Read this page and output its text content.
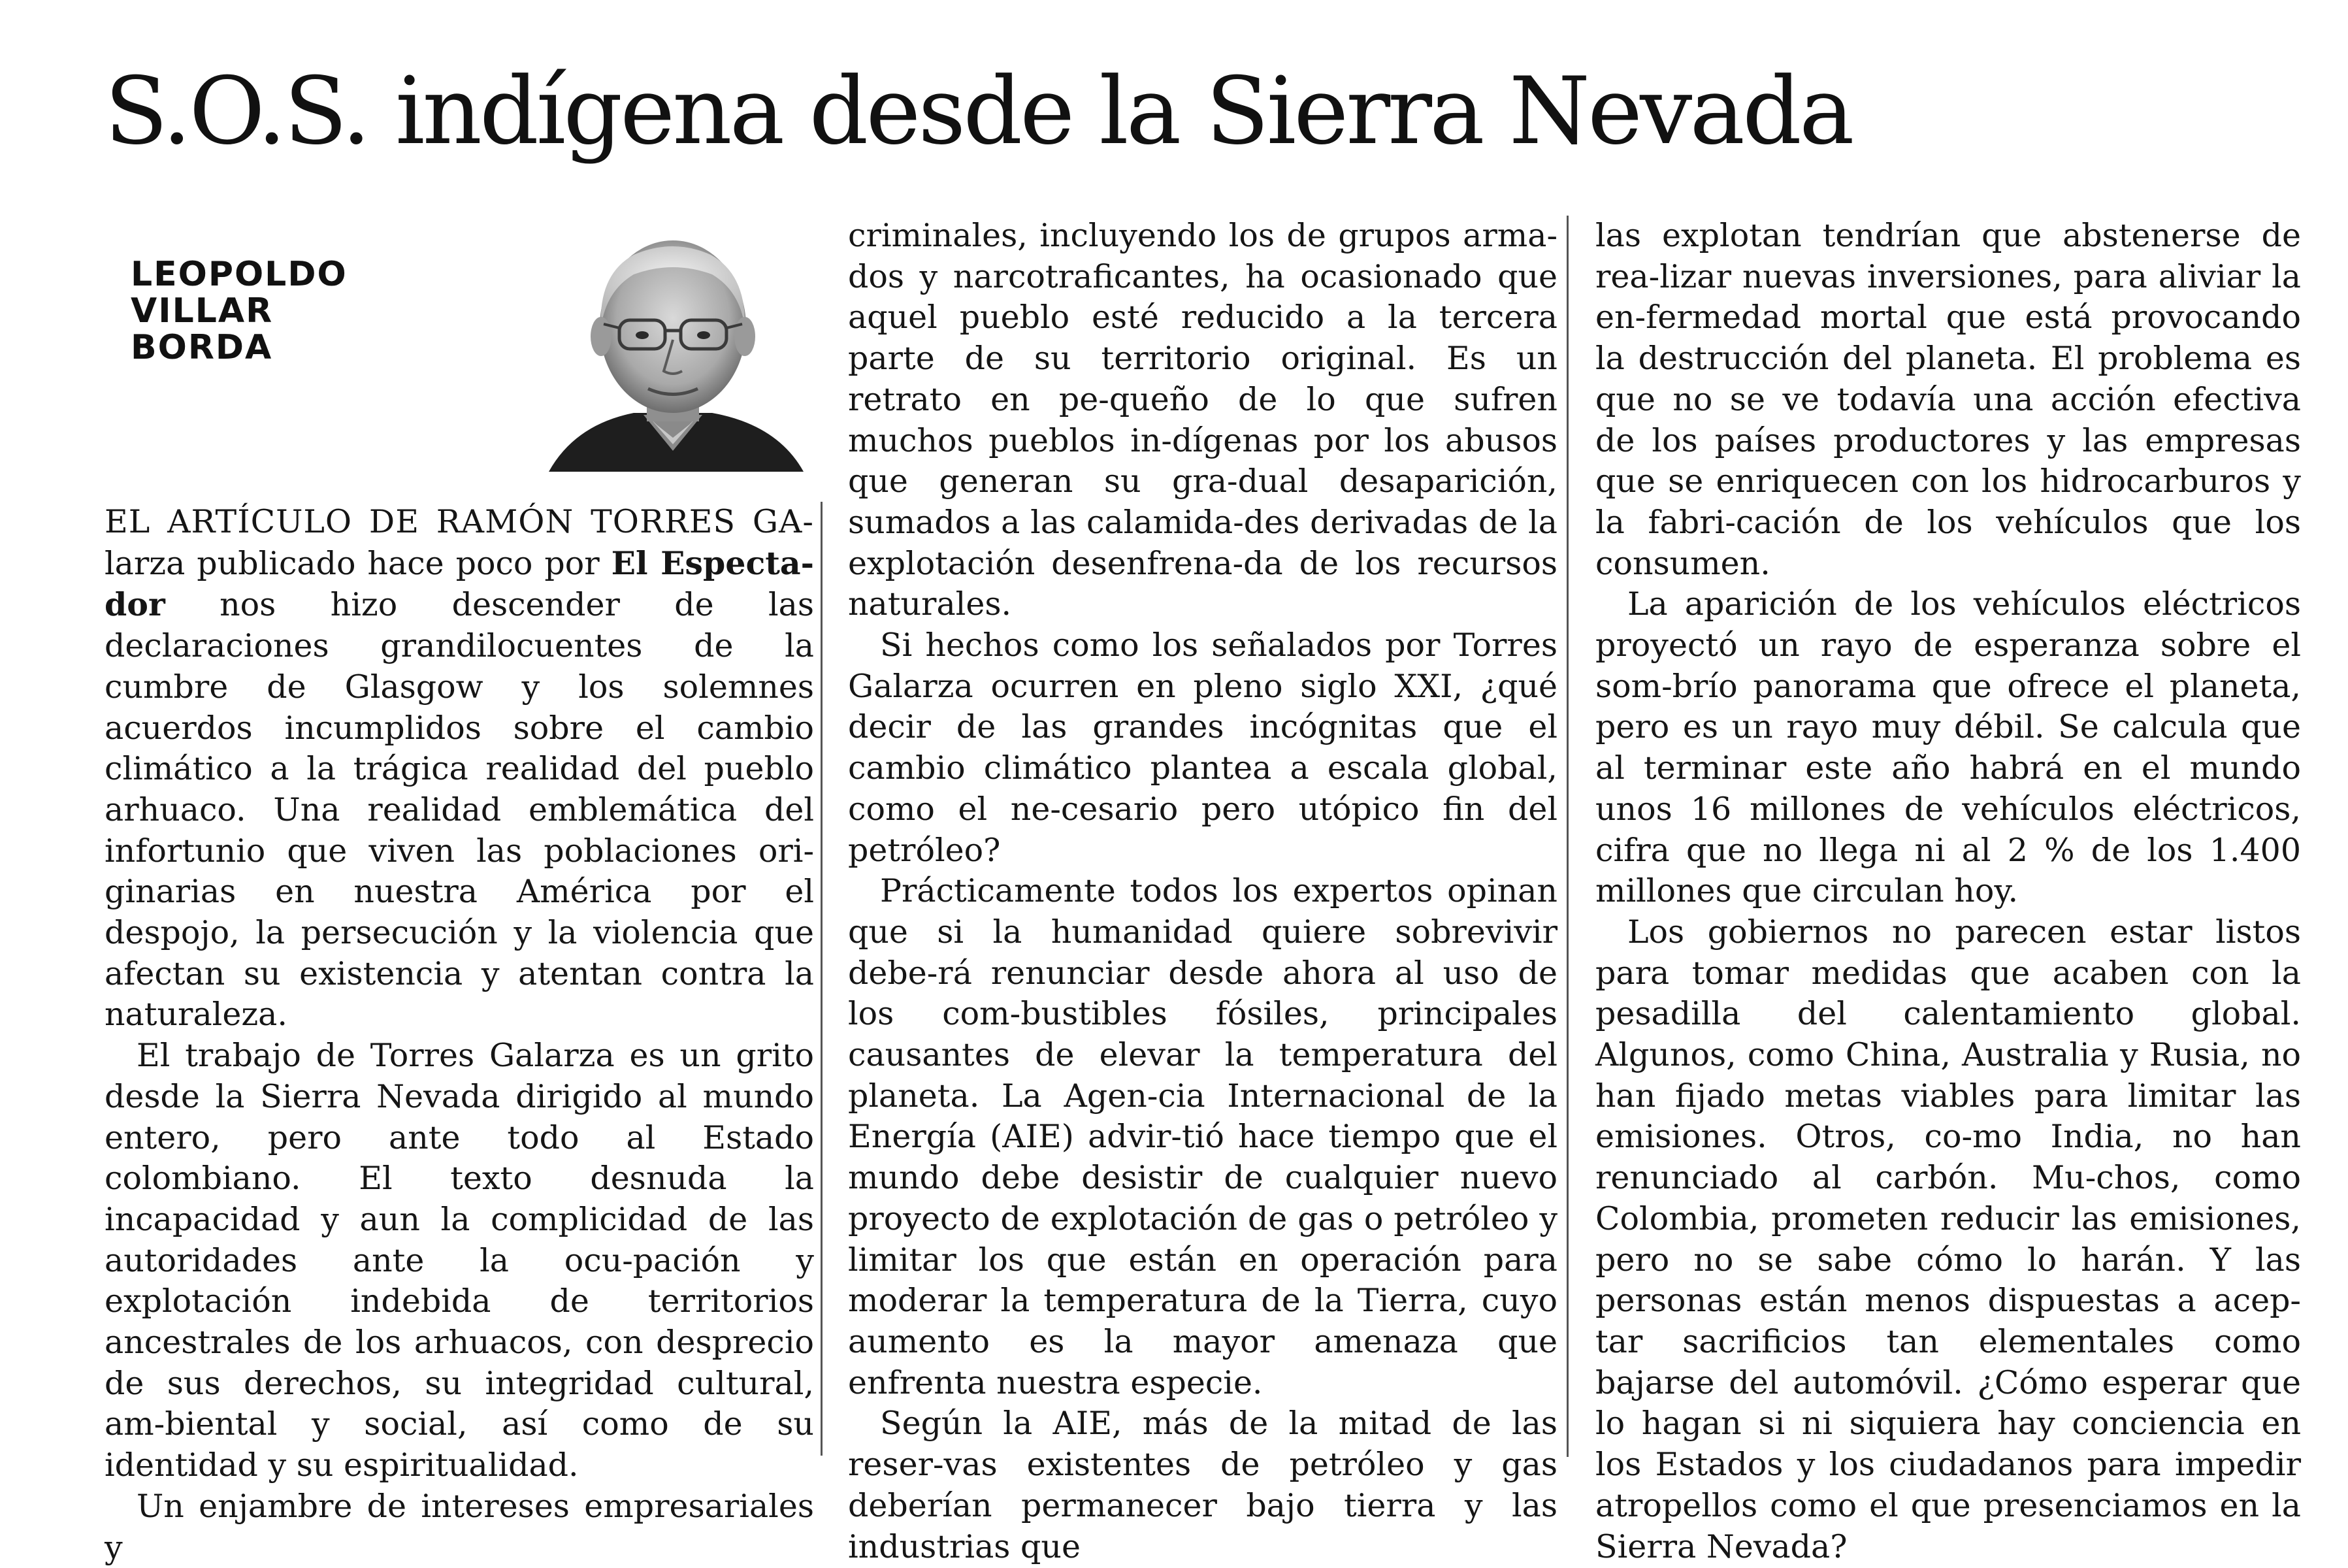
S.O.S. indígena desde la Sierra Nevada
LEOPOLDO
VILLAR
BORDA

EL ARTÍCULO DE RAMÓN TORRES GA- larza publicado hace poco por El Especta-dor nos hizo descender de las declaraciones grandilocuentes de la cumbre de Glasgow y los solemnes acuerdos incumplidos sobre el cambio climático a la trágica realidad del pueblo arhuaco. Una realidad emblemática del infortunio que viven las poblaciones ori-ginarias en nuestra América por el despojo, la persecución y la violencia que afectan su existencia y atentan contra la naturaleza.

El trabajo de Torres Galarza es un grito desde la Sierra Nevada dirigido al mundo entero, pero ante todo al Estado colombiano. El texto desnuda la incapacidad y aun la complicidad de las autoridades ante la ocu-pación y explotación indebida de territorios ancestrales de los arhuacos, con desprecio de sus derechos, su integridad cultural, am-biental y social, así como de su identidad y su espiritualidad.

Un enjambre de intereses empresariales y

criminales, incluyendo los de grupos arma-dos y narcotraficantes, ha ocasionado que aquel pueblo esté reducido a la tercera parte de su territorio original. Es un retrato en pe-queño de lo que sufren muchos pueblos in-dígenas por los abusos que generan su gra-dual desaparición, sumados a las calamida-des derivadas de la explotación desenfrena-da de los recursos naturales.

Si hechos como los señalados por Torres Galarza ocurren en pleno siglo XXI, ¿qué decir de las grandes incógnitas que el cambio climático plantea a escala global, como el ne-cesario pero utópico fin del petróleo?

Prácticamente todos los expertos opinan que si la humanidad quiere sobrevivir debe-rá renunciar desde ahora al uso de los com-bustibles fósiles, principales causantes de elevar la temperatura del planeta. La Agen-cia Internacional de la Energía (AIE) advir-tió hace tiempo que el mundo debe desistir de cualquier nuevo proyecto de explotación de gas o petróleo y limitar los que están en operación para moderar la temperatura de la Tierra, cuyo aumento es la mayor amenaza que enfrenta nuestra especie.

Según la AIE, más de la mitad de las reser-vas existentes de petróleo y gas deberían permanecer bajo tierra y las industrias que

las explotan tendrían que abstenerse de rea-lizar nuevas inversiones, para aliviar la en-fermedad mortal que está provocando la destrucción del planeta. El problema es que no se ve todavía una acción efectiva de los países productores y las empresas que se enriquecen con los hidrocarburos y la fabri-cación de los vehículos que los consumen.

La aparición de los vehículos eléctricos proyectó un rayo de esperanza sobre el som-brío panorama que ofrece el planeta, pero es un rayo muy débil. Se calcula que al terminar este año habrá en el mundo unos 16 millones de vehículos eléctricos, cifra que no llega ni al 2 % de los 1.400 millones que circulan hoy.

Los gobiernos no parecen estar listos para tomar medidas que acaben con la pesadilla del calentamiento global. Algunos, como China, Australia y Rusia, no han fijado metas viables para limitar las emisiones. Otros, co-mo India, no han renunciado al carbón. Mu-chos, como Colombia, prometen reducir las emisiones, pero no se sabe cómo lo harán. Y las personas están menos dispuestas a acep-tar sacrificios tan elementales como bajarse del automóvil. ¿Cómo esperar que lo hagan si ni siquiera hay conciencia en los Estados y los ciudadanos para impedir atropellos como el que presenciamos en la Sierra Nevada?
